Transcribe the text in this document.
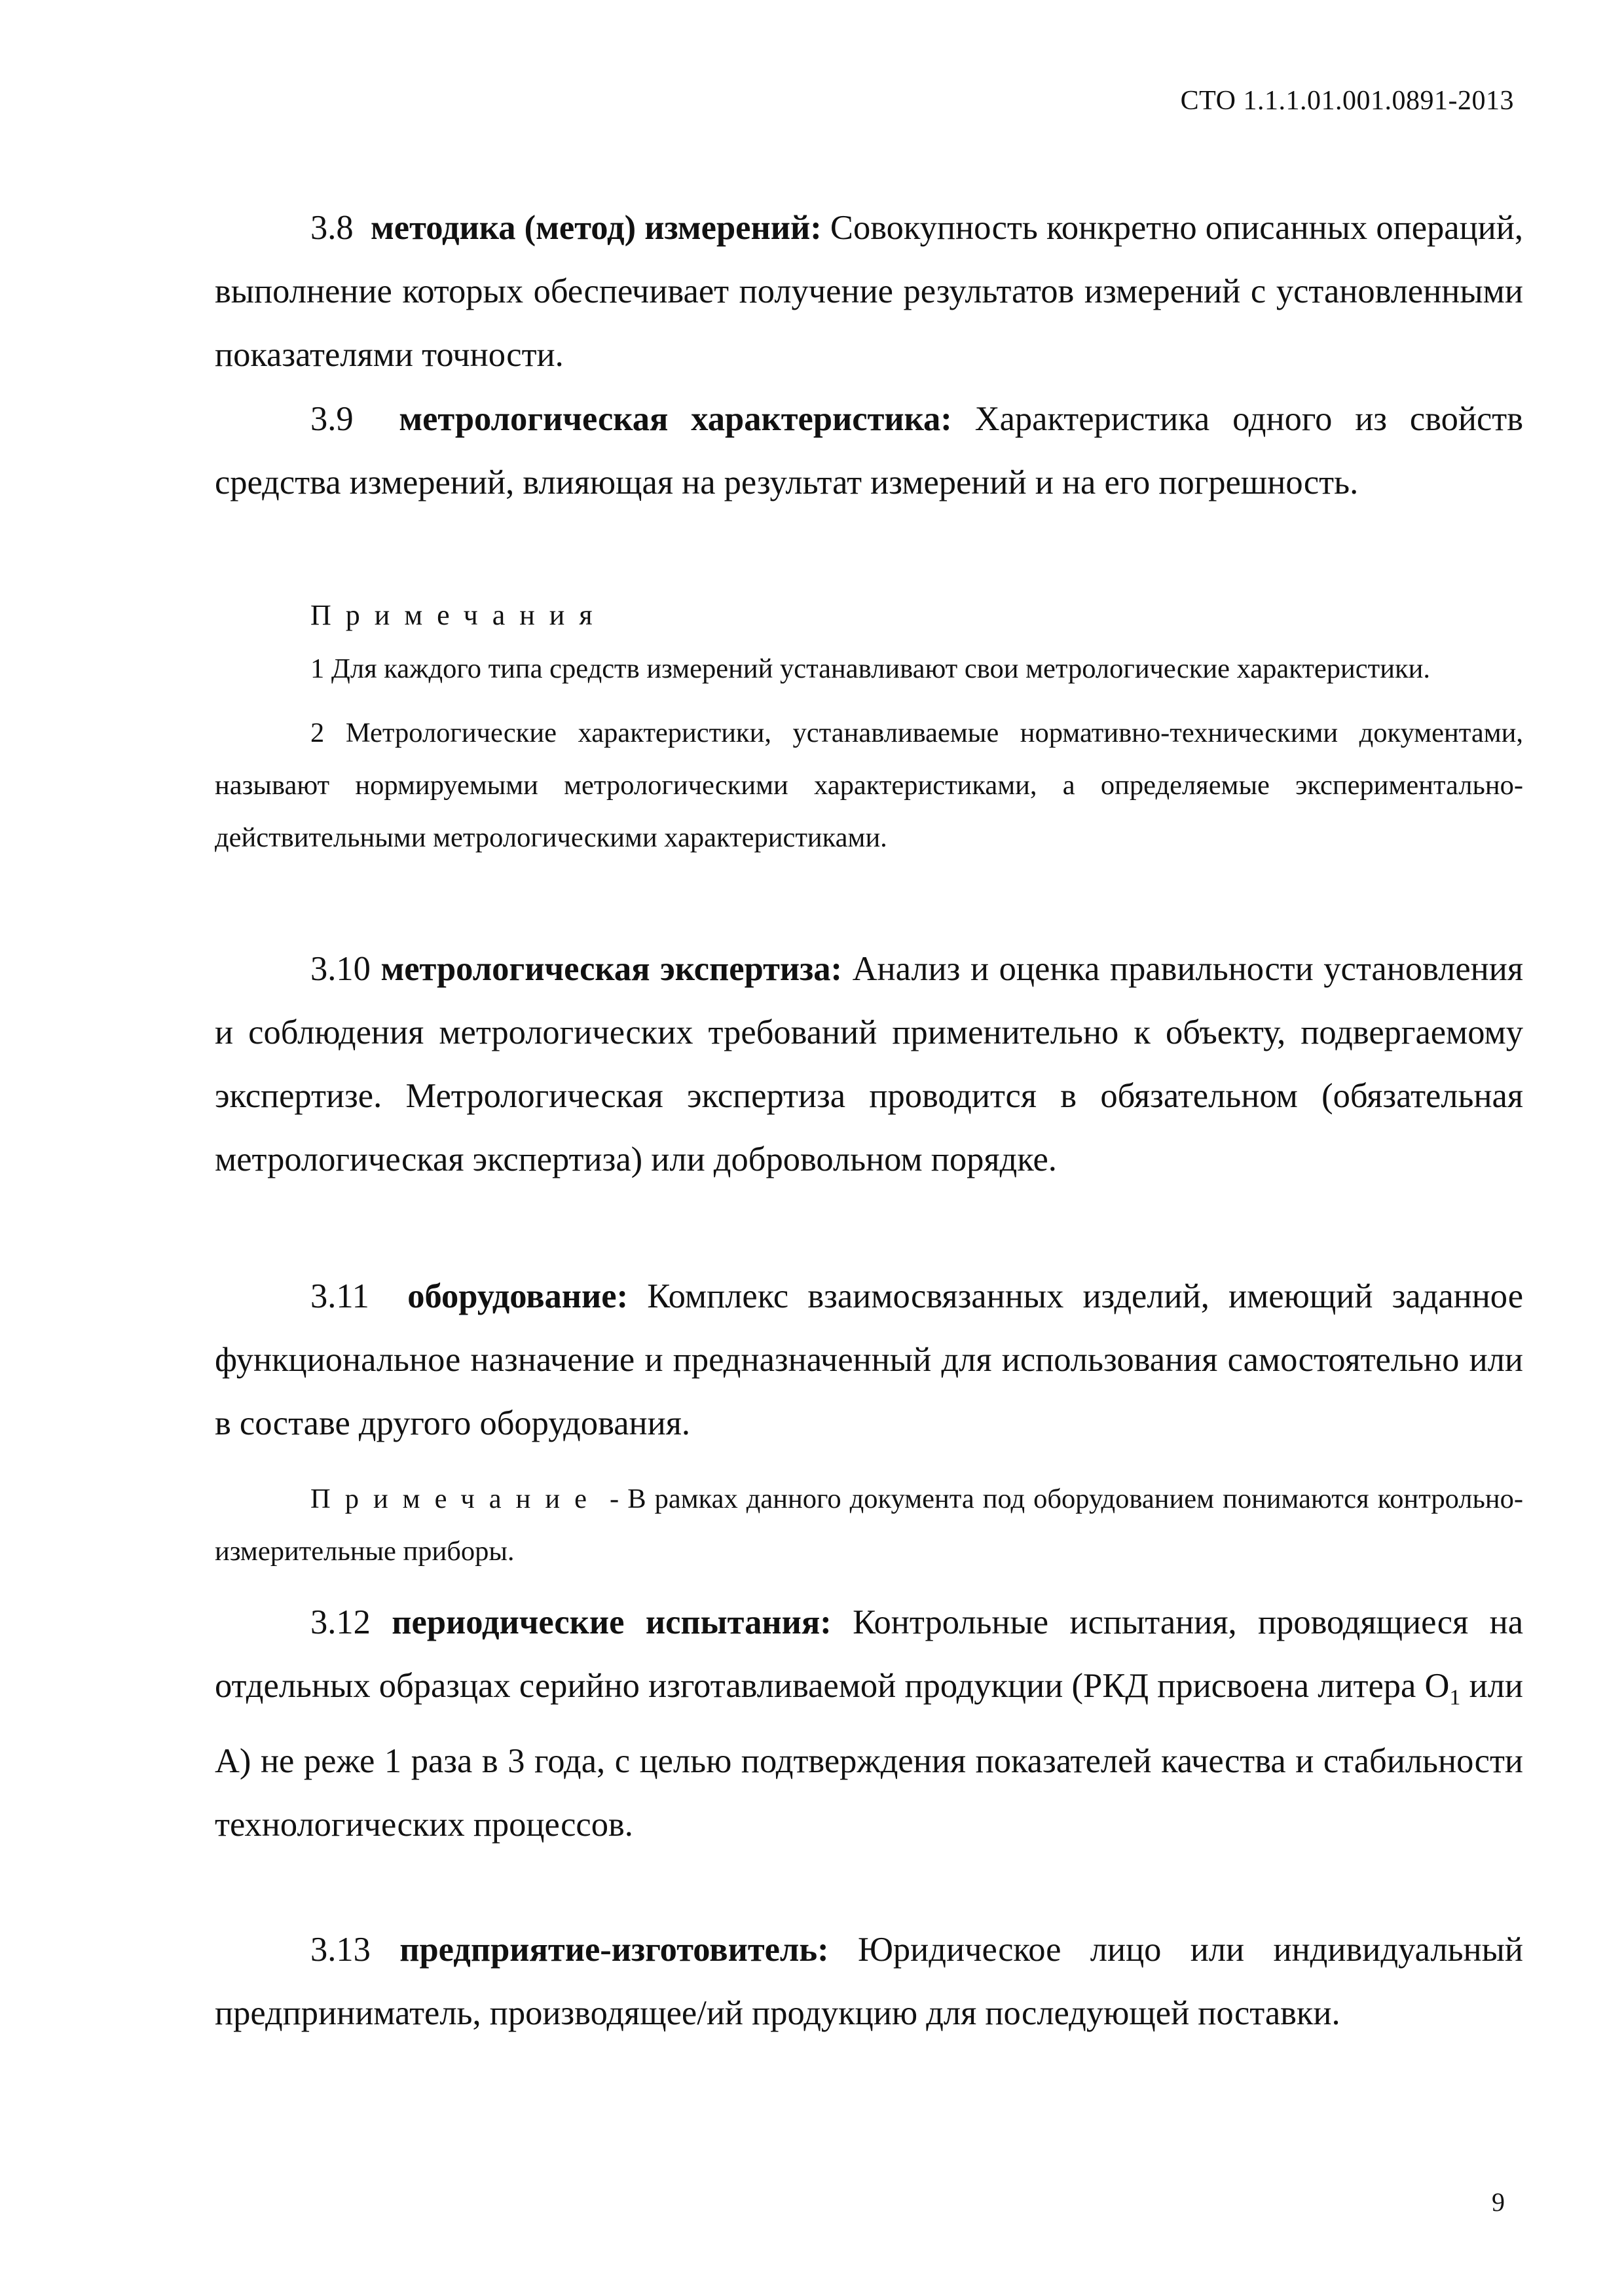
СТО 1.1.1.01.001.0891-2013

3.8 методика (метод) измерений: Совокупность конкретно описанных операций, выполнение которых обеспечивает получение результатов измерений с установленными показателями точности.

3.9 метрологическая характеристика: Характеристика одного из свойств средства измерений, влияющая на результат измерений и на его погрешность.

Примечания

1 Для каждого типа средств измерений устанавливают свои метрологические характеристики.

2 Метрологические характеристики, устанавливаемые нормативно-техническими документами, называют нормируемыми метрологическими характеристиками, а определяемые экспериментально-действительными метрологическими характеристиками.

3.10 метрологическая экспертиза: Анализ и оценка правильности установления и соблюдения метрологических требований применительно к объекту, подвергаемому экспертизе. Метрологическая экспертиза проводится в обязательном (обязательная метрологическая экспертиза) или добровольном порядке.

3.11 оборудование: Комплекс взаимосвязанных изделий, имеющий заданное функциональное назначение и предназначенный для использования самостоятельно или в составе другого оборудования.

Примечание - В рамках данного документа под оборудованием понимаются контрольно-измерительные приборы.

3.12 периодические испытания: Контрольные испытания, проводящиеся на отдельных образцах серийно изготавливаемой продукции (РКД присвоена литера $О_1$ или А) не реже 1 раза в 3 года, с целью подтверждения показателей качества и стабильности технологических процессов.

3.13 предприятие-изготовитель: Юридическое лицо или индивидуальный предприниматель, производящее/ий продукцию для последующей поставки.

9
